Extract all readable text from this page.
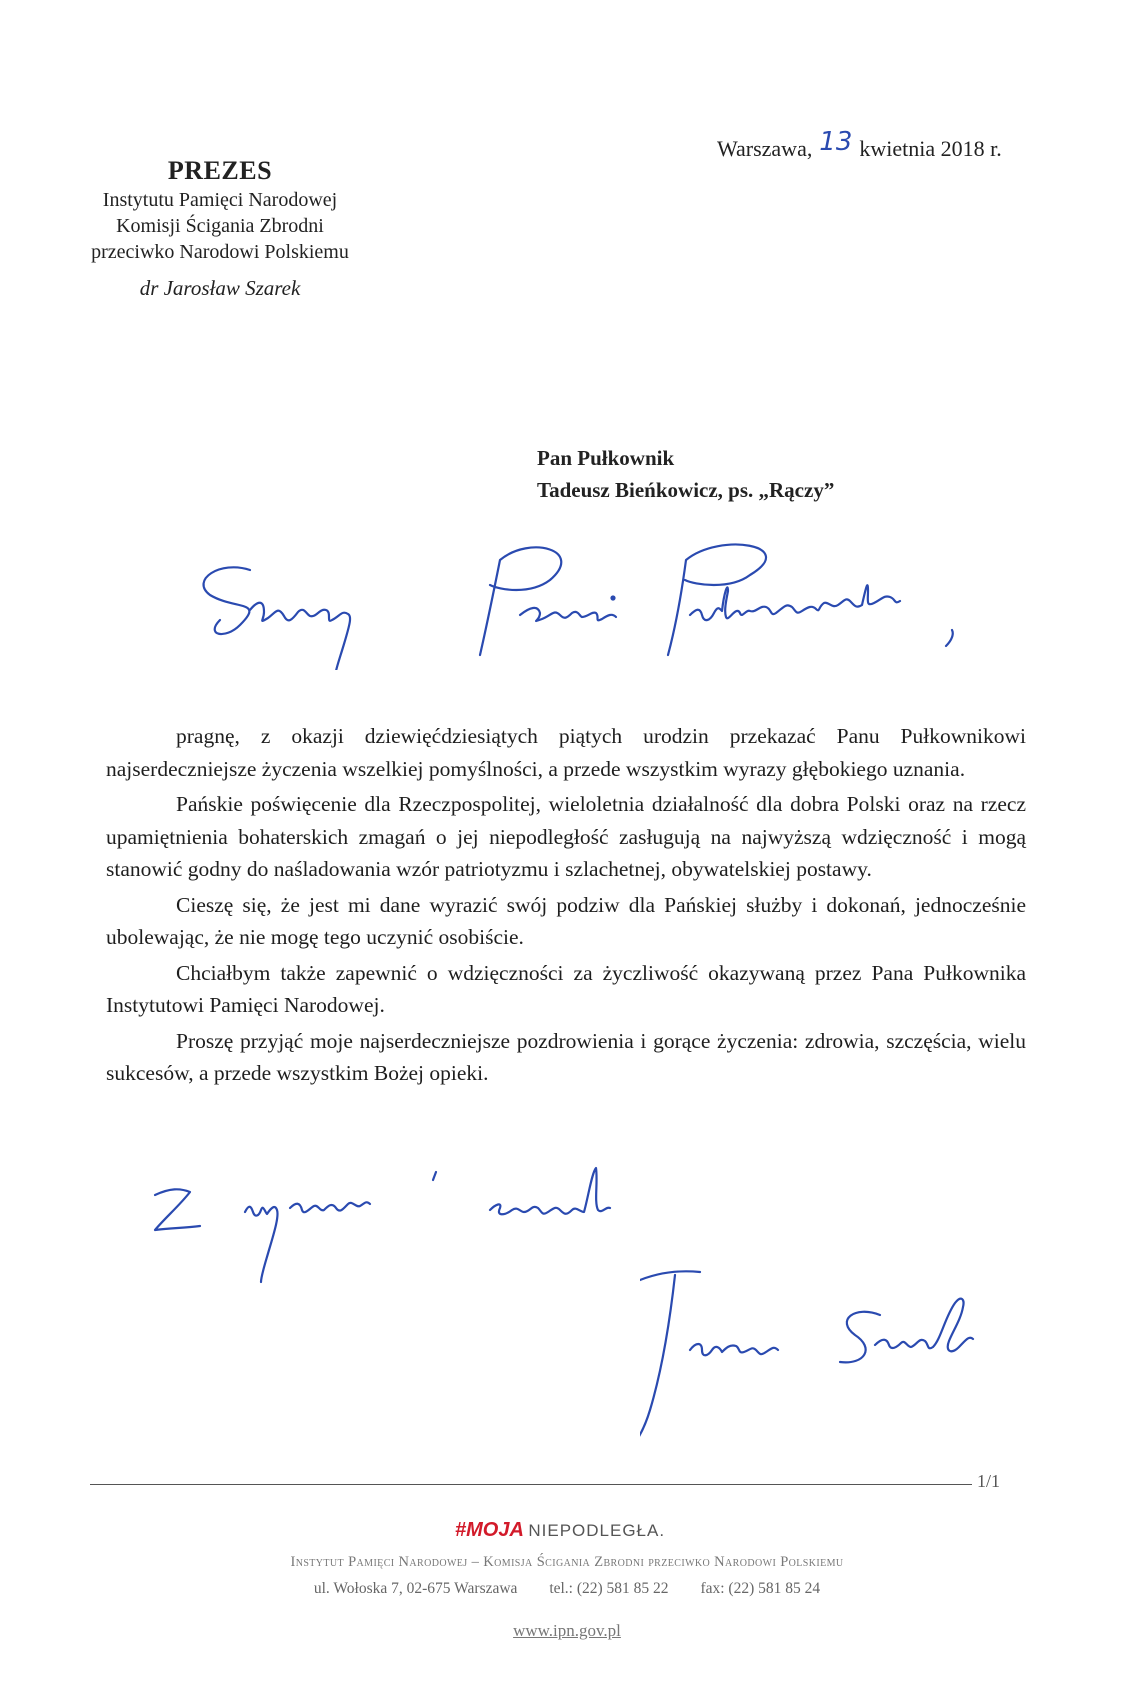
Warszawa, 13 kwietnia 2018 r.
PREZES
Instytutu Pamięci Narodowej
Komisji Ścigania Zbrodni
przeciwko Narodowi Polskiemu
dr Jarosław Szarek
Pan Pułkownik
Tadeusz Bieńkowicz, ps. „Rączy”

pragnę, z okazji dziewięćdziesiątych piątych urodzin przekazać Panu Pułkownikowi najserdeczniejsze życzenia wszelkiej pomyślności, a przede wszystkim wyrazy głębokiego uznania.

Pańskie poświęcenie dla Rzeczpospolitej, wieloletnia działalność dla dobra Polski oraz na rzecz upamiętnienia bohaterskich zmagań o jej niepodległość zasługują na najwyższą wdzięczność i mogą stanowić godny do naśladowania wzór patriotyzmu i szlachetnej, obywatelskiej postawy.

Cieszę się, że jest mi dane wyrazić swój podziw dla Pańskiej służby i dokonań, jednocześnie ubolewając, że nie mogę tego uczynić osobiście.

Chciałbym także zapewnić o wdzięczności za życzliwość okazywaną przez Pana Pułkownika Instytutowi Pamięci Narodowej.

Proszę przyjąć moje najserdeczniejsze pozdrowienia i gorące życzenia: zdrowia, szczęścia, wielu sukcesów, a przede wszystkim Bożej opieki.

1/1
#MOJA NIEPODLEGŁA.
Instytut Pamięci Narodowej – Komisja Ścigania Zbrodni przeciwko Narodowi Polskiemu
ul. Wołoska 7, 02-675 Warszawa tel.: (22) 581 85 22 fax: (22) 581 85 24
www.ipn.gov.pl
